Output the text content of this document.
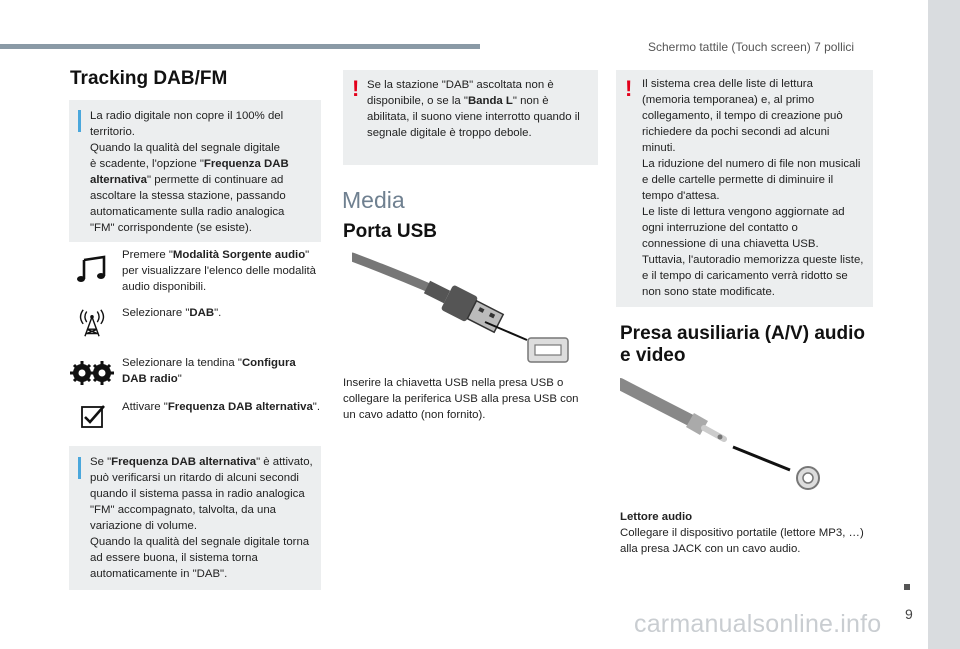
Schermo tattile (Touch screen) 7 pollici
9
carmanualsonline.info
Tracking DAB/FM
La radio digitale non copre il 100% del
territorio.
Quando la qualità del segnale digitale
è scadente, l'opzione "Frequenza DAB alternativa" permette di continuare ad ascoltare la stessa stazione, passando automaticamente sulla radio analogica "FM" corrispondente (se esiste).
Premere "Modalità Sorgente audio" per visualizzare l'elenco delle modalità audio disponibili.
Selezionare "DAB".
Selezionare la tendina "Configura DAB radio"
Attivare "Frequenza DAB alternativa".
Se "Frequenza DAB alternativa" è attivato, può verificarsi un ritardo di alcuni secondi quando il sistema passa in radio analogica "FM" accompagnato, talvolta, da una variazione di volume.
Quando la qualità del segnale digitale torna ad essere buona, il sistema torna automaticamente in "DAB".
! Se la stazione "DAB" ascoltata non è disponibile, o se la "Banda L" non è abilitata, il suono viene interrotto quando il segnale digitale è troppo debole.
Media
Porta USB
Inserire la chiavetta USB nella presa USB o collegare la periferica USB alla presa USB con un cavo adatto (non fornito).
! Il sistema crea delle liste di lettura (memoria temporanea) e, al primo collegamento, il tempo di creazione può richiedere da pochi secondi ad alcuni minuti.
La riduzione del numero di file non musicali e delle cartelle permette di diminuire il tempo d'attesa.
Le liste di lettura vengono aggiornate ad ogni interruzione del contatto o connessione di una chiavetta USB.
Tuttavia, l'autoradio memorizza queste liste, e il tempo di caricamento verrà ridotto se non sono state modificate.
Presa ausiliaria (A/V) audio e video
Lettore audio
Collegare il dispositivo portatile (lettore MP3, …) alla presa JACK con un cavo audio.
